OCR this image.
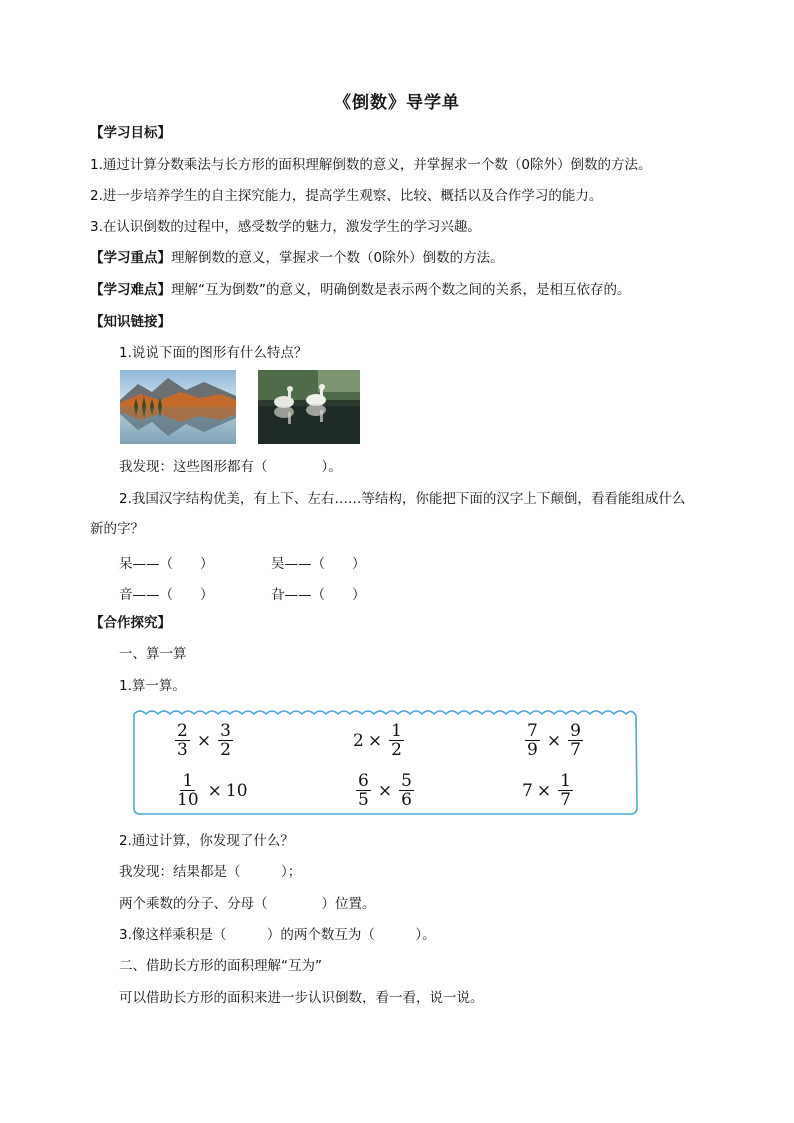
《倒数》导学单
【学习目标】
1.通过计算分数乘法与长方形的面积理解倒数的意义，并掌握求一个数（0除外）倒数的方法。
2.进一步培养学生的自主探究能力，提高学生观察、比较、概括以及合作学习的能力。
3.在认识倒数的过程中，感受数学的魅力，激发学生的学习兴趣。
【学习重点】理解倒数的意义，掌握求一个数（0除外）倒数的方法。
【学习难点】理解“互为倒数”的意义，明确倒数是表示两个数之间的关系，是相互依存的。
【知识链接】
1.说说下面的图形有什么特点？
我发现：这些图形都有（　　　　）。
2.我国汉字结构优美，有上下、左右……等结构，你能把下面的汉字上下颠倒，看看能组成什么
新的字？
呆——（　　）	吴——（　　）
音——（　　）	旮——（　　）
【合作探究】
一、算一算
1.算一算。
$\frac{2}{3} \times \frac{3}{2}$	$2 \times \frac{1}{2}$	$\frac{7}{9} \times \frac{9}{7}$
$\frac{1}{10} \times 10$	$\frac{6}{5} \times \frac{5}{6}$	$7 \times \frac{1}{7}$
2.通过计算，你发现了什么？
我发现：结果都是（　　　）；
两个乘数的分子、分母（　　　　）位置。
3.像这样乘积是（　　　）的两个数互为（　　　）。
二、借助长方形的面积理解“互为”
可以借助长方形的面积来进一步认识倒数，看一看，说一说。
